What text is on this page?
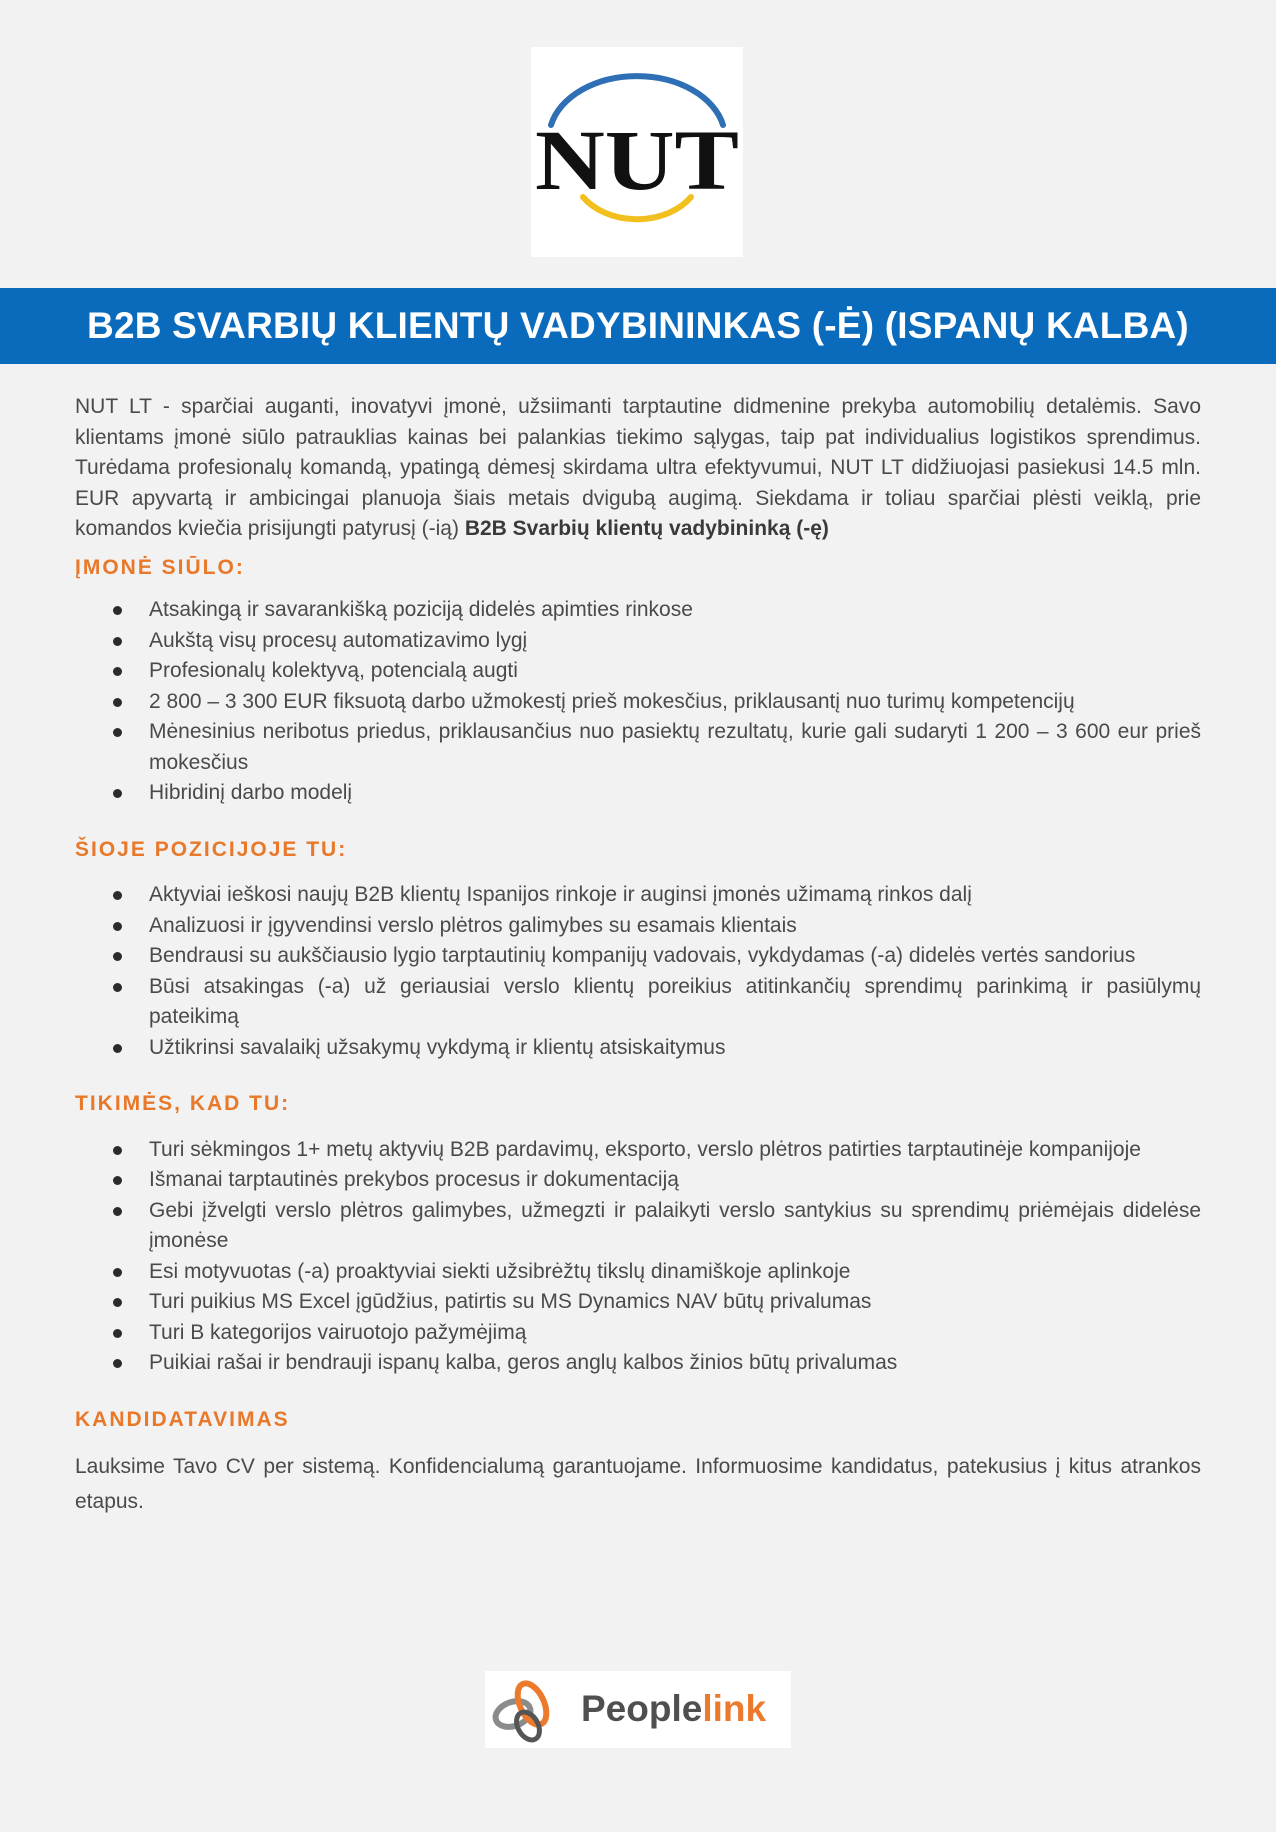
NUT
B2B SVARBIŲ KLIENTŲ VADYBININKAS (-Ė) (ISPANŲ KALBA)

NUT LT - sparčiai auganti, inovatyvi įmonė, užsiimanti tarptautine didmenine prekyba automobilių detalėmis. Savo klientams įmonė siūlo patrauklias kainas bei palankias tiekimo sąlygas, taip pat individualius logistikos sprendimus. Turėdama profesionalų komandą, ypatingą dėmesį skirdama ultra efektyvumui, NUT LT didžiuojasi pasiekusi 14.5 mln. EUR apyvartą ir ambicingai planuoja šiais metais dvigubą augimą. Siekdama ir toliau sparčiai plėsti veiklą, prie komandos kviečia prisijungti patyrusį (-ią) B2B Svarbių klientų vadybininką (-ę)

ĮMONĖ SIŪLO:
Atsakingą ir savarankišką poziciją didelės apimties rinkose
Aukštą visų procesų automatizavimo lygį
Profesionalų kolektyvą, potencialą augti
2 800 – 3 300 EUR fiksuotą darbo užmokestį prieš mokesčius, priklausantį nuo turimų kompetencijų
Mėnesinius neribotus priedus, priklausančius nuo pasiektų rezultatų, kurie gali sudaryti 1 200 – 3 600 eur prieš mokesčius
Hibridinį darbo modelį
ŠIOJE POZICIJOJE TU:
Aktyviai ieškosi naujų B2B klientų Ispanijos rinkoje ir auginsi įmonės užimamą rinkos dalį
Analizuosi ir įgyvendinsi verslo plėtros galimybes su esamais klientais
Bendrausi su aukščiausio lygio tarptautinių kompanijų vadovais, vykdydamas (-a) didelės vertės sandorius
Būsi atsakingas (-a) už geriausiai verslo klientų poreikius atitinkančių sprendimų parinkimą ir pasiūlymų pateikimą
Užtikrinsi savalaikį užsakymų vykdymą ir klientų atsiskaitymus
TIKIMĖS, KAD TU:
Turi sėkmingos 1+ metų aktyvių B2B pardavimų, eksporto, verslo plėtros patirties tarptautinėje kompanijoje
Išmanai tarptautinės prekybos procesus ir dokumentaciją
Gebi įžvelgti verslo plėtros galimybes, užmegzti ir palaikyti verslo santykius su sprendimų priėmėjais didelėse įmonėse
Esi motyvuotas (-a) proaktyviai siekti užsibrėžtų tikslų dinamiškoje aplinkoje
Turi puikius MS Excel įgūdžius, patirtis su MS Dynamics NAV būtų privalumas
Turi B kategorijos vairuotojo pažymėjimą
Puikiai rašai ir bendrauji ispanų kalba, geros anglų kalbos žinios būtų privalumas
KANDIDATAVIMAS

Lauksime Tavo CV per sistemą. Konfidencialumą garantuojame. Informuosime kandidatus, patekusius į kitus atrankos etapus.

Peoplelink
